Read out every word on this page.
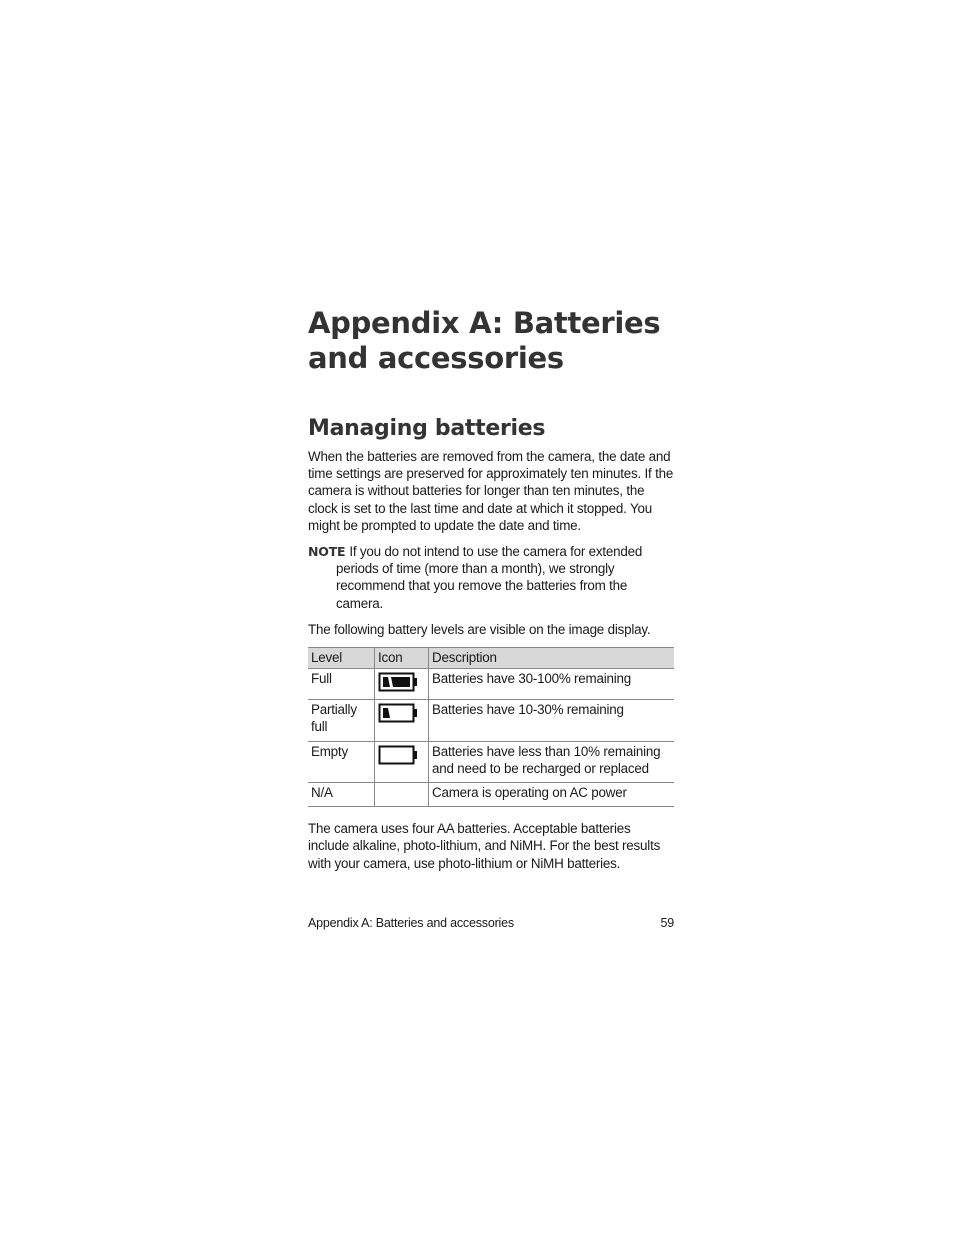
Appendix A: Batteries
and accessories
Managing batteries

When the batteries are removed from the camera, the date and time settings are preserved for approximately ten minutes. If the camera is without batteries for longer than ten minutes, the clock is set to the last time and date at which it stopped. You might be prompted to update the date and time.

NOTE If you do not intend to use the camera for extended periods of time (more than a month), we strongly recommend that you remove the batteries from the camera.

The following battery levels are visible on the image display.

Level	Icon	Description
Full		Batteries have 30-100% remaining
Partially full		Batteries have 10-30% remaining
Empty		Batteries have less than 10% remaining and need to be recharged or replaced
N/A		Camera is operating on AC power

The camera uses four AA batteries. Acceptable batteries include alkaline, photo-lithium, and NiMH. For the best results with your camera, use photo-lithium or NiMH batteries.

Appendix A: Batteries and accessories	59
